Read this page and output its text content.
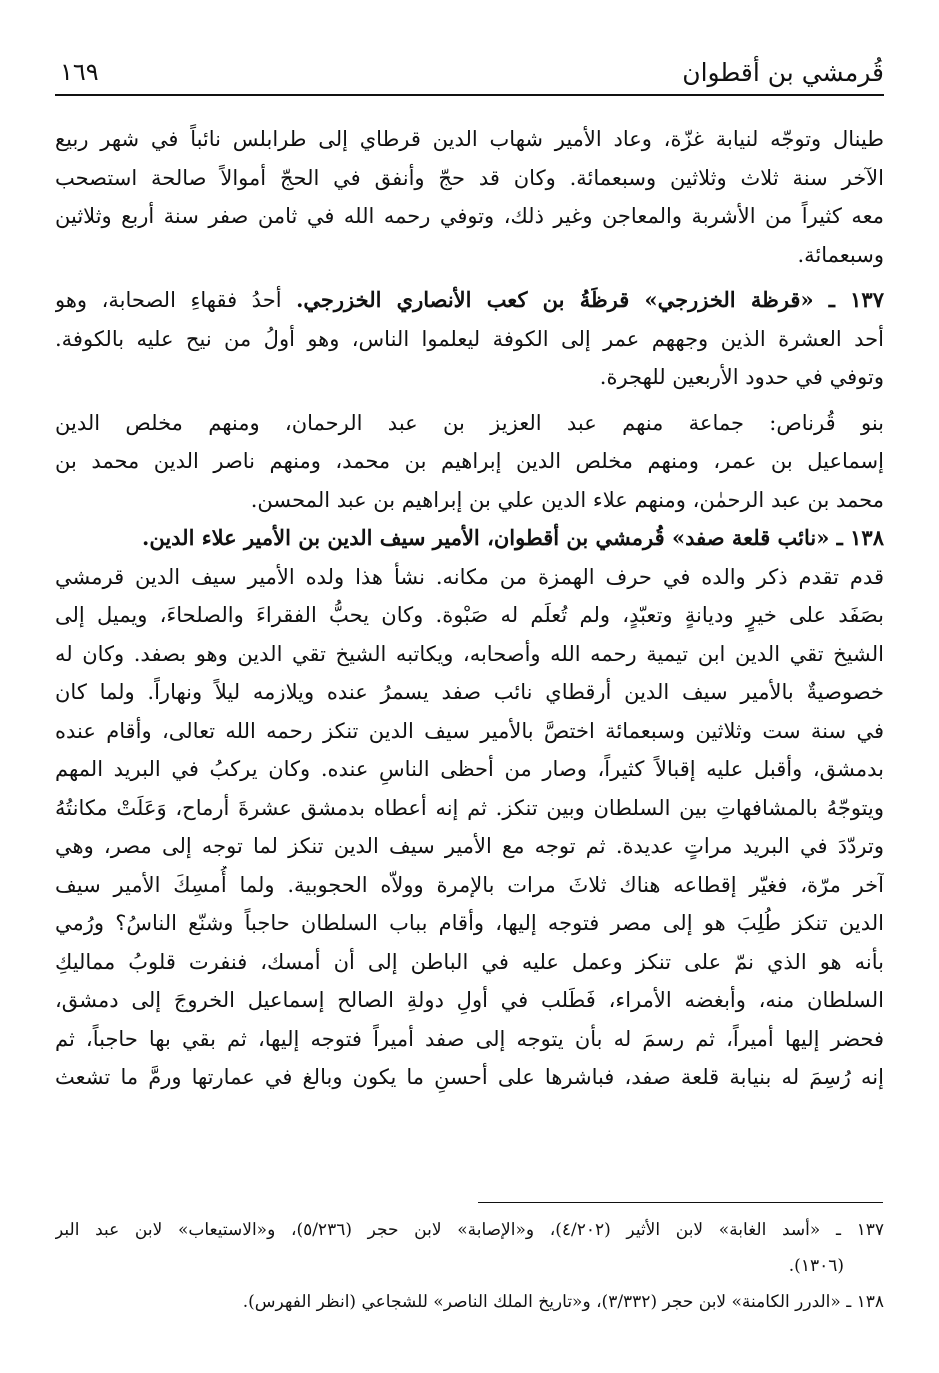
قُرمشي بن أقطوان
١٦٩
طينال وتوجّه لنيابة غزّة، وعاد الأمير شهاب الدين قرطاي إلى طرابلس نائباً في شهر ربيع
الآخر سنة ثلاث وثلاثين وسبعمائة. وكان قد حجّ وأنفق في الحجّ أموالاً صالحة استصحب
معه كثيراً من الأشربة والمعاجن وغير ذلك، وتوفي رحمه الله في ثامن صفر سنة أربع وثلاثين
وسبعمائة.
١٣٧ ـ «قرظة الخزرجي» قرظَةُ بن كعب الأنصاري الخزرجي. أحدُ فقهاءِ الصحابة، وهو
أحد العشرة الذين وجههم عمر إلى الكوفة ليعلموا الناس، وهو أولُ من نيح عليه بالكوفة.
وتوفي في حدود الأربعين للهجرة.
بنو قُرناص: جماعة منهم عبد العزيز بن عبد الرحمان، ومنهم مخلص الدين
إسماعيل بن عمر، ومنهم مخلص الدين إبراهيم بن محمد، ومنهم ناصر الدين محمد بن
محمد بن عبد الرحمٰن، ومنهم علاء الدين علي بن إبراهيم بن عبد المحسن.
١٣٨ ـ «نائب قلعة صفد» قُرمشي بن أقطوان، الأمير سيف الدين بن الأمير علاء الدين.
قدم تقدم ذكر والده في حرف الهمزة من مكانه. نشأ هذا ولده الأمير سيف الدين قرمشي
بصَفَد على خيرٍ وديانةٍ وتعبّدٍ، ولم تُعلَم له صَبْوة. وكان يحبُّ الفقراءَ والصلحاءَ، ويميل إلى
الشيخ تقي الدين ابن تيمية رحمه الله وأصحابه، ويكاتبه الشيخ تقي الدين وهو بصفد. وكان له
خصوصيةٌ بالأمير سيف الدين أرقطاي نائب صفد يسمرُ عنده ويلازمه ليلاً ونهاراً. ولما كان
في سنة ست وثلاثين وسبعمائة اختصَّ بالأمير سيف الدين تنكز رحمه الله تعالى، وأقام عنده
بدمشق، وأقبل عليه إقبالاً كثيراً، وصار من أحظى الناسِ عنده. وكان يركبُ في البريد المهم
ويتوجّهُ بالمشافهاتِ بين السلطان وبين تنكز. ثم إنه أعطاه بدمشق عشرةَ أرماح، وَعَلَتْ مكانتُهُ
وتردّدَ في البريد مراتٍ عديدة. ثم توجه مع الأمير سيف الدين تنكز لما توجه إلى مصر، وهي
آخر مرّة، فغيّر إقطاعه هناك ثلاثَ مرات بالإمرة وولاّه الحجوبية. ولما أُمسِكَ الأمير سيف
الدين تنكز طُلِبَ هو إلى مصر فتوجه إليها، وأقام بباب السلطان حاجباً وشنّع الناسُ؟ ورُمي
بأنه هو الذي نمّ على تنكز وعمل عليه في الباطن إلى أن أمسك، فنفرت قلوبُ مماليكِ
السلطان منه، وأبغضه الأمراء، فَطَلب في أولِ دولةِ الصالح إسماعيل الخروجَ إلى دمشق،
فحضر إليها أميراً، ثم رسمَ له بأن يتوجه إلى صفد أميراً فتوجه إليها، ثم بقي بها حاجباً، ثم
إنه رُسِمَ له بنيابة قلعة صفد، فباشرها على أحسنِ ما يكون وبالغ في عمارتها ورمَّ ما تشعث
١٣٧ ـ «أسد الغابة» لابن الأثير (٤/٢٠٢)، و«الإصابة» لابن حجر (٥/٢٣٦)، و«الاستيعاب» لابن عبد البر
(١٣٠٦).
١٣٨ ـ «الدرر الكامنة» لابن حجر (٣/٣٣٢)، و«تاريخ الملك الناصر» للشجاعي (انظر الفهرس).
